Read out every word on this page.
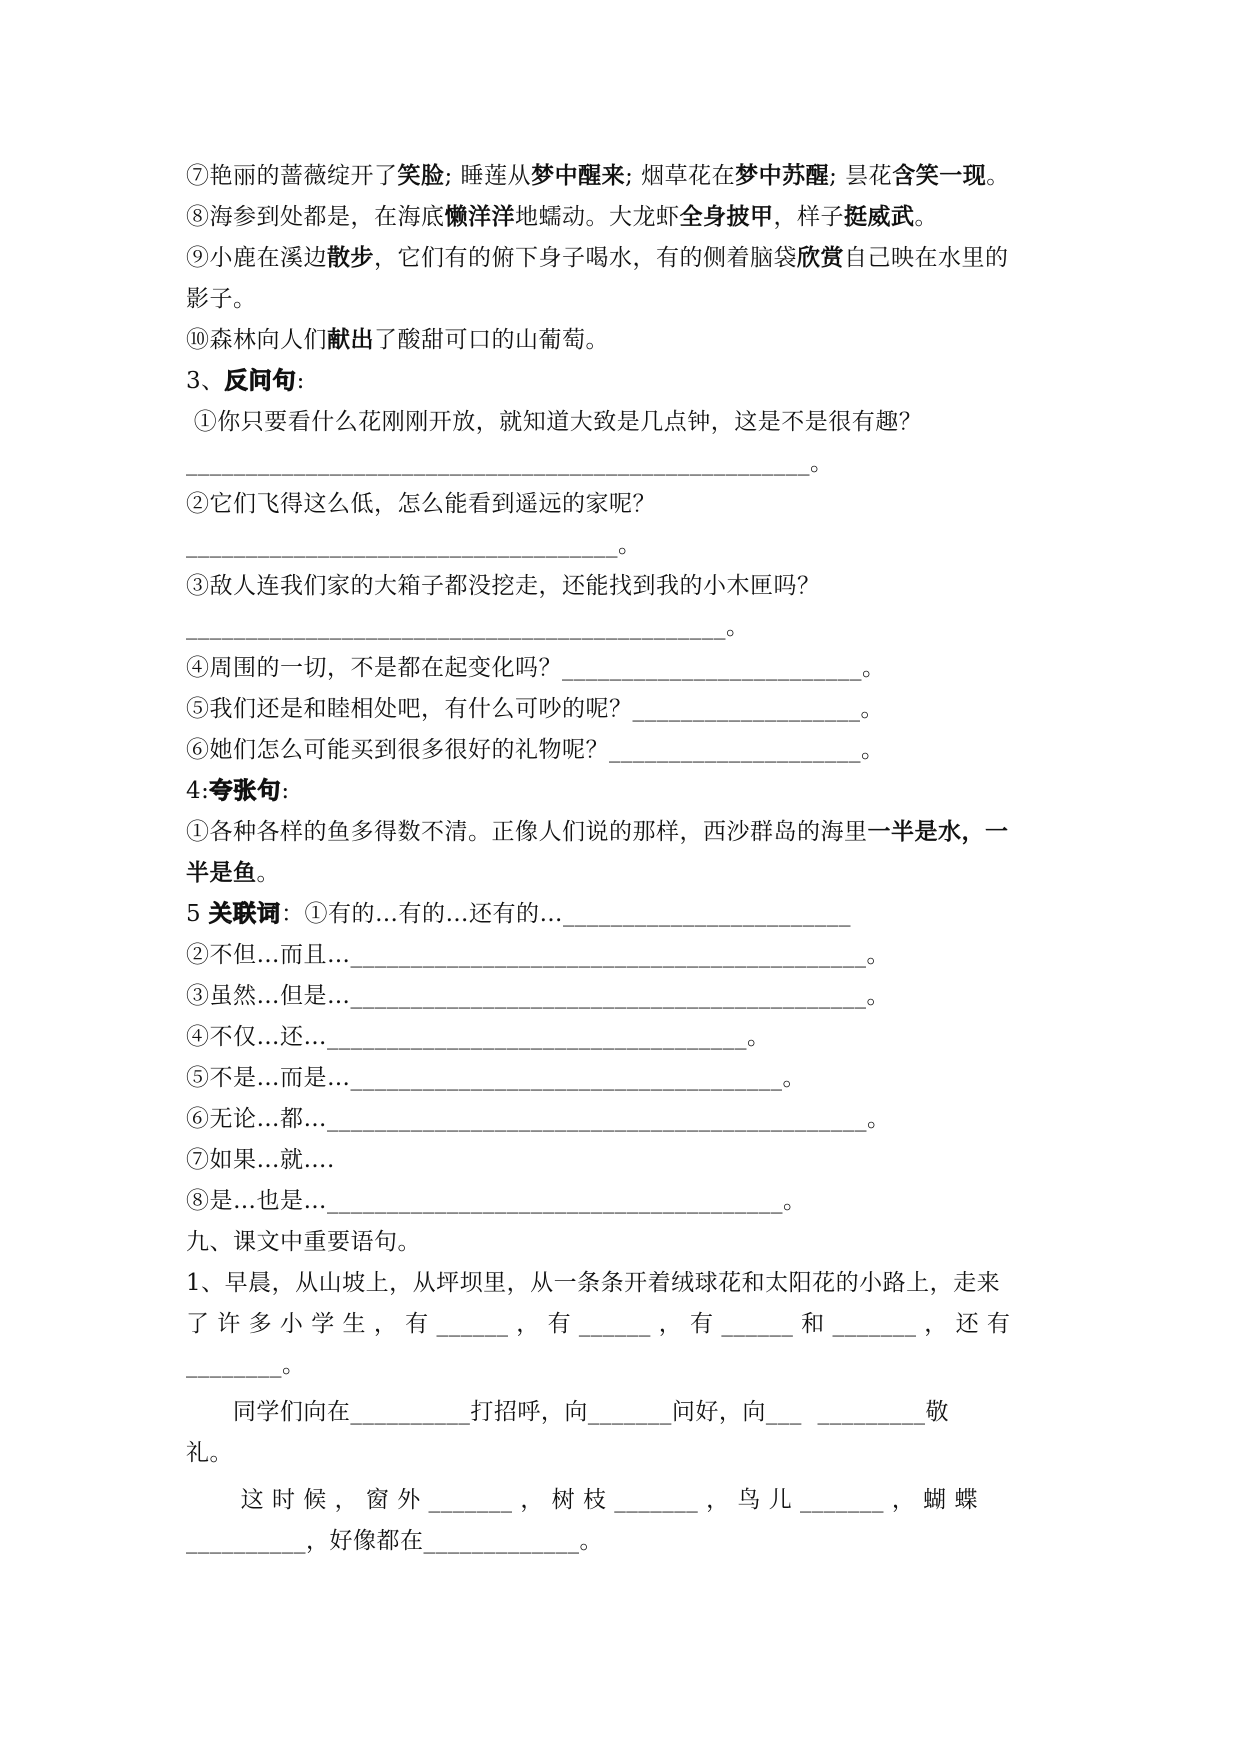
⑦艳丽的蔷薇绽开了笑脸; 睡莲从梦中醒来; 烟草花在梦中苏醒; 昙花含笑一现。
⑧海参到处都是，在海底懒洋洋地蠕动。大龙虾全身披甲，样子挺威武。
⑨小鹿在溪边散步，它们有的俯下身子喝水，有的侧着脑袋欣赏自己映在水里的
影子。
⑩森林向人们献出了酸甜可口的山葡萄。
3、反问句:
①你只要看什么花刚刚开放，就知道大致是几点钟，这是不是很有趣？
____________________________________________________。
②它们飞得这么低，怎么能看到遥远的家呢？
____________________________________。
③敌人连我们家的大箱子都没挖走，还能找到我的小木匣吗？
_____________________________________________。
④周围的一切，不是都在起变化吗？_________________________。
⑤我们还是和睦相处吧，有什么可吵的呢？___________________。
⑥她们怎么可能买到很多很好的礼物呢？_____________________。
4:夸张句:
①各种各样的鱼多得数不清。正像人们说的那样，西沙群岛的海里一半是水，一
半是鱼。
5 关联词：①有的…有的…还有的…________________________
②不但…而且…___________________________________________。
③虽然…但是…___________________________________________。
④不仅…还…___________________________________。
⑤不是…而是…____________________________________。
⑥无论…都…_____________________________________________。
⑦如果…就….
⑧是…也是…______________________________________。
九、课文中重要语句。
1、早晨，从山坡上，从坪坝里，从一条条开着绒球花和太阳花的小路上，走来
了 许 多 小 学 生 ， 有 ______ ， 有 ______ ， 有 ______ 和 _______ ， 还 有
________。
同学们向在__________打招呼，向_______问好，向___  _________敬
礼。
这 时 候 ， 窗 外 _______ ， 树 枝 _______ ， 鸟 儿 _______ ， 蝴 蝶
__________，好像都在_____________。
